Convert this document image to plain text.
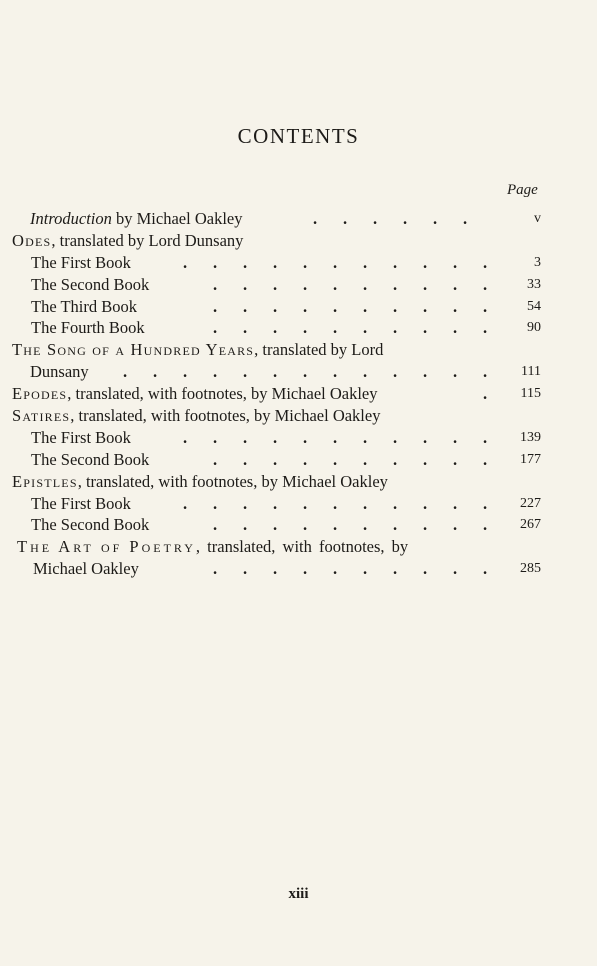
CONTENTS
Page
Introduction by Michael Oakley	. . . . . .	v
Odes, translated by Lord Dunsany
The First Book	. . . . . . . . . . .	3
The Second Book	. . . . . . . . . .	33
The Third Book	. . . . . . . . . .	54
The Fourth Book	. . . . . . . . . .	90
The Song of a Hundred Years, translated by Lord
Dunsany	. . . . . . . . . . . . .	111
Epodes, translated, with footnotes, by Michael Oakley	.	115
Satires, translated, with footnotes, by Michael Oakley
The First Book	. . . . . . . . . . .	139
The Second Book	. . . . . . . . . .	177
Epistles, translated, with footnotes, by Michael Oakley
The First Book	. . . . . . . . . . .	227
The Second Book	. . . . . . . . . .	267
The Art of Poetry, translated, with footnotes, by
Michael Oakley	. . . . . . . . . .	285
xiii
